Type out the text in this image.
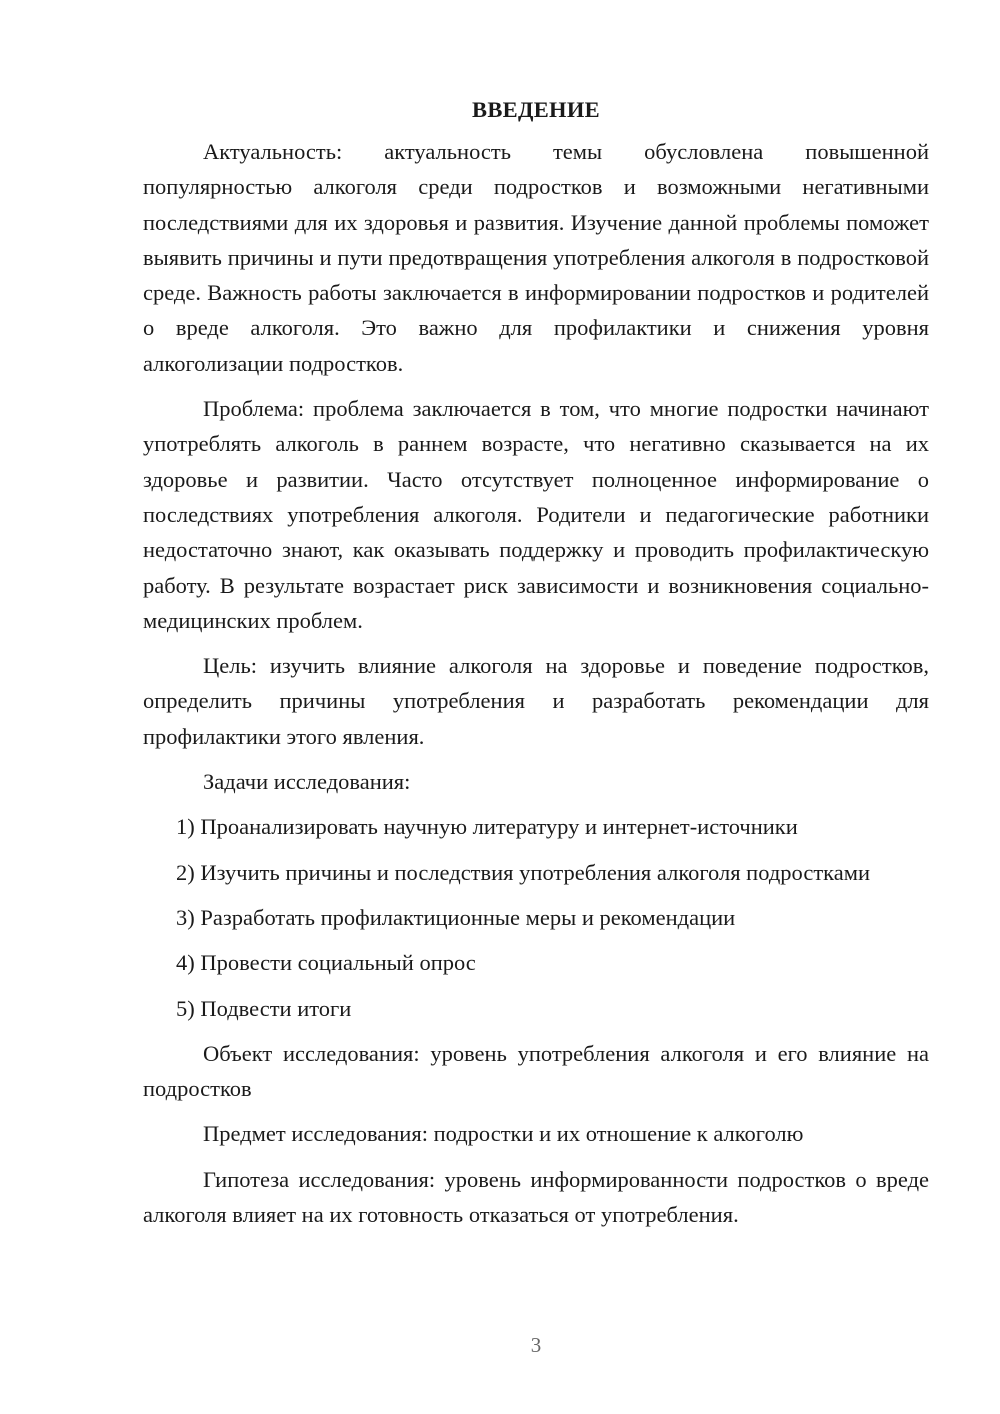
ВВЕДЕНИЕ

Актуальность: актуальность темы обусловлена повышенной популярностью алкоголя среди подростков и возможными негативными последствиями для их здоровья и развития. Изучение данной проблемы поможет выявить причины и пути предотвращения употребления алкоголя в подростковой среде. Важность работы заключается в информировании подростков и родителей о вреде алкоголя. Это важно для профилактики и снижения уровня алкоголизации подростков.

Проблема: проблема заключается в том, что многие подростки начинают употреблять алкоголь в раннем возрасте, что негативно сказывается на их здоровье и развитии. Часто отсутствует полноценное информирование о последствиях употребления алкоголя. Родители и педагогические работники недостаточно знают, как оказывать поддержку и проводить профилактическую работу. В результате возрастает риск зависимости и возникновения социально-медицинских проблем.

Цель: изучить влияние алкоголя на здоровье и поведение подростков, определить причины употребления и разработать рекомендации для профилактики этого явления.

Задачи исследования:

1) Проанализировать научную литературу и интернет-источники

2) Изучить причины и последствия употребления алкоголя подростками

3) Разработать профилактиционные меры и рекомендации

4) Провести социальный опрос

5) Подвести итоги

Объект исследования: уровень употребления алкоголя и его влияние на подростков

Предмет исследования: подростки и их отношение к алкоголю

Гипотеза исследования: уровень информированности подростков о вреде алкоголя влияет на их готовность отказаться от употребления.

3
